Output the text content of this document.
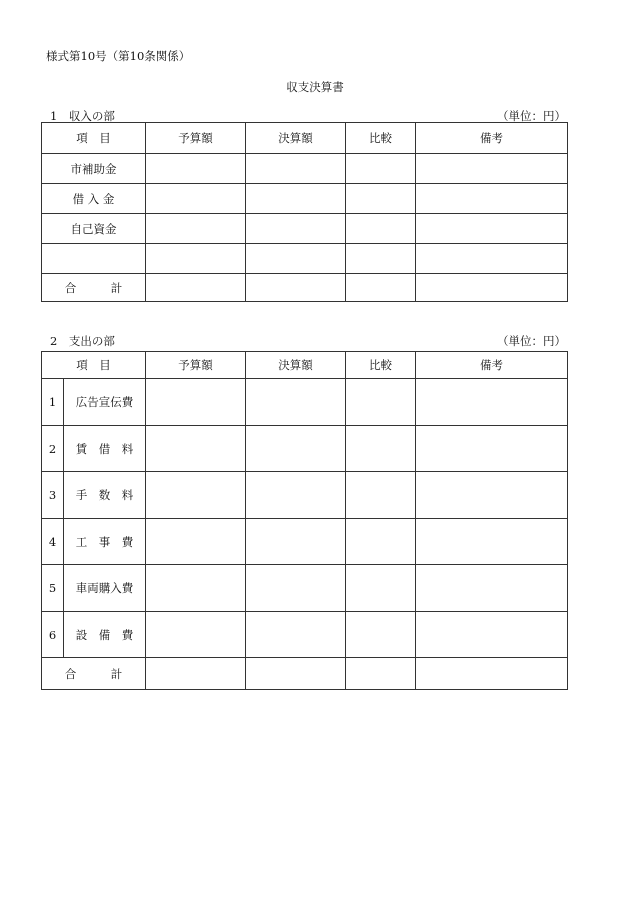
様式第10号（第10条関係）
収支決算書
1　収入の部	（単位：円）
項　目	予算額	決算額	比較	備考
市補助金				
借 入 金				
自己資金				

合　　　計				
2　支出の部	（単位：円）
項　目		予算額	決算額	比較	備考
1	広告宣伝費				
2	賃　借　料				
3	手　数　料				
4	工　事　費				
5	車両購入費				
6	設　備　費				
合　　　計					
